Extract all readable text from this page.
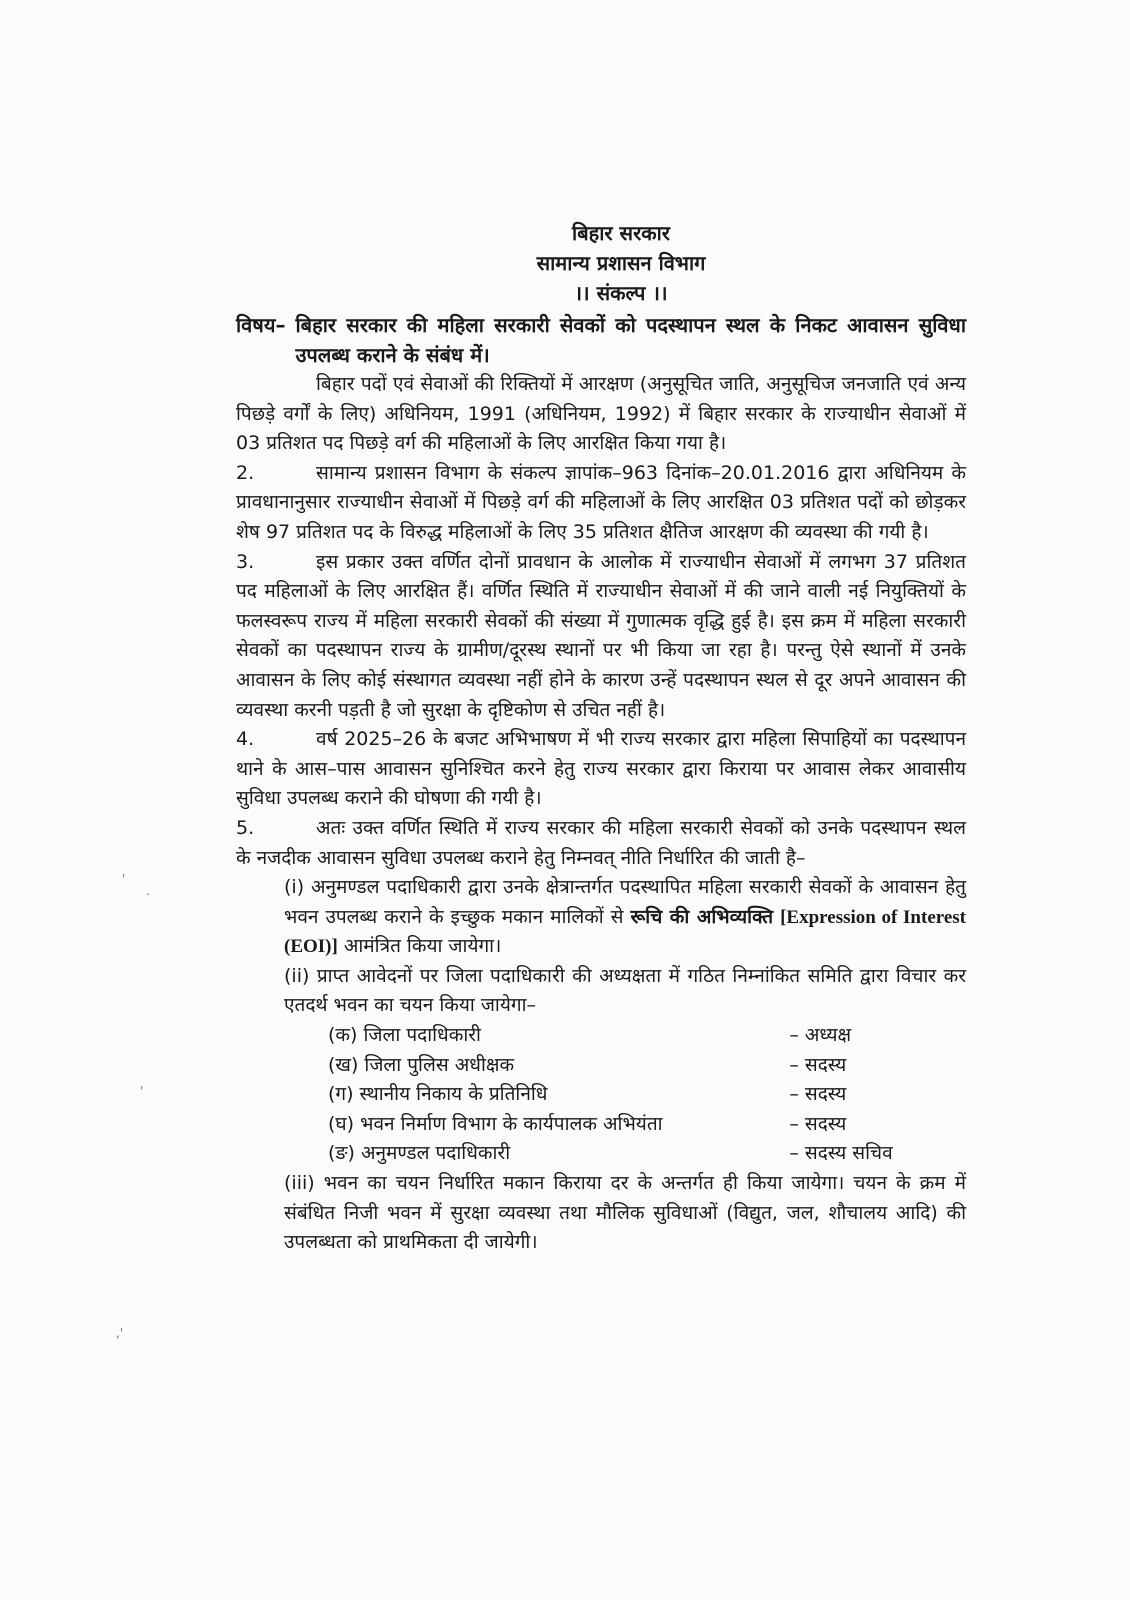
'
.
'
,'
बिहार सरकार
सामान्य प्रशासन विभाग
।। संकल्प ।।
विषय– बिहार सरकार की महिला सरकारी सेवकों को पदस्थापन स्थल के निकट आवासन सुविधा उपलब्ध कराने के संबंध में।

बिहार पदों एवं सेवाओं की रिक्तियों में आरक्षण (अनुसूचित जाति, अनुसूचिज जनजाति एवं अन्य पिछड़े वर्गों के लिए) अधिनियम, 1991 (अधिनियम, 1992) में बिहार सरकार के राज्याधीन सेवाओं में 03 प्रतिशत पद पिछड़े वर्ग की महिलाओं के लिए आरक्षित किया गया है।

2.	सामान्य प्रशासन विभाग के संकल्प ज्ञापांक–963 दिनांक–20.01.2016 द्वारा अधिनियम के प्रावधानानुसार राज्याधीन सेवाओं में पिछड़े वर्ग की महिलाओं के लिए आरक्षित 03 प्रतिशत पदों को छोड़कर शेष 97 प्रतिशत पद के विरुद्ध महिलाओं के लिए 35 प्रतिशत क्षैतिज आरक्षण की व्यवस्था की गयी है।

3.	इस प्रकार उक्त वर्णित दोनों प्रावधान के आलोक में राज्याधीन सेवाओं में लगभग 37 प्रतिशत पद महिलाओं के लिए आरक्षित हैं। वर्णित स्थिति में राज्याधीन सेवाओं में की जाने वाली नई नियुक्तियों के फलस्वरूप राज्य में महिला सरकारी सेवकों की संख्या में गुणात्मक वृद्धि हुई है। इस क्रम में महिला सरकारी सेवकों का पदस्थापन राज्य के ग्रामीण/दूरस्थ स्थानों पर भी किया जा रहा है। परन्तु ऐसे स्थानों में उनके आवासन के लिए कोई संस्थागत व्यवस्था नहीं होने के कारण उन्हें पदस्थापन स्थल से दूर अपने आवासन की व्यवस्था करनी पड़ती है जो सुरक्षा के दृष्टिकोण से उचित नहीं है।

4.	वर्ष 2025–26 के बजट अभिभाषण में भी राज्य सरकार द्वारा महिला सिपाहियों का पदस्थापन थाने के आस–पास आवासन सुनिश्चित करने हेतु राज्य सरकार द्वारा किराया पर आवास लेकर आवासीय सुविधा उपलब्ध कराने की घोषणा की गयी है।

5.	अतः उक्त वर्णित स्थिति में राज्य सरकार की महिला सरकारी सेवकों को उनके पदस्थापन स्थल के नजदीक आवासन सुविधा उपलब्ध कराने हेतु निम्नवत् नीति निर्धारित की जाती है–

(i) अनुमण्डल पदाधिकारी द्वारा उनके क्षेत्रान्तर्गत पदस्थापित महिला सरकारी सेवकों के आवासन हेतु भवन उपलब्ध कराने के इच्छुक मकान मालिकों से रूचि की अभिव्यक्ति [Expression of Interest (EOI)] आमंत्रित किया जायेगा।

(ii) प्राप्त आवेदनों पर जिला पदाधिकारी की अध्यक्षता में गठित निम्नांकित समिति द्वारा विचार कर एतदर्थ भवन का चयन किया जायेगा–

(क) जिला पदाधिकारी	– अध्यक्ष
(ख) जिला पुलिस अधीक्षक	– सदस्य
(ग) स्थानीय निकाय के प्रतिनिधि	– सदस्य
(घ) भवन निर्माण विभाग के कार्यपालक अभियंता	– सदस्य
(ङ) अनुमण्डल पदाधिकारी	– सदस्य सचिव

(iii) भवन का चयन निर्धारित मकान किराया दर के अन्तर्गत ही किया जायेगा। चयन के क्रम में संबंधित निजी भवन में सुरक्षा व्यवस्था तथा मौलिक सुविधाओं (विद्युत, जल, शौचालय आदि) की उपलब्धता को प्राथमिकता दी जायेगी।
